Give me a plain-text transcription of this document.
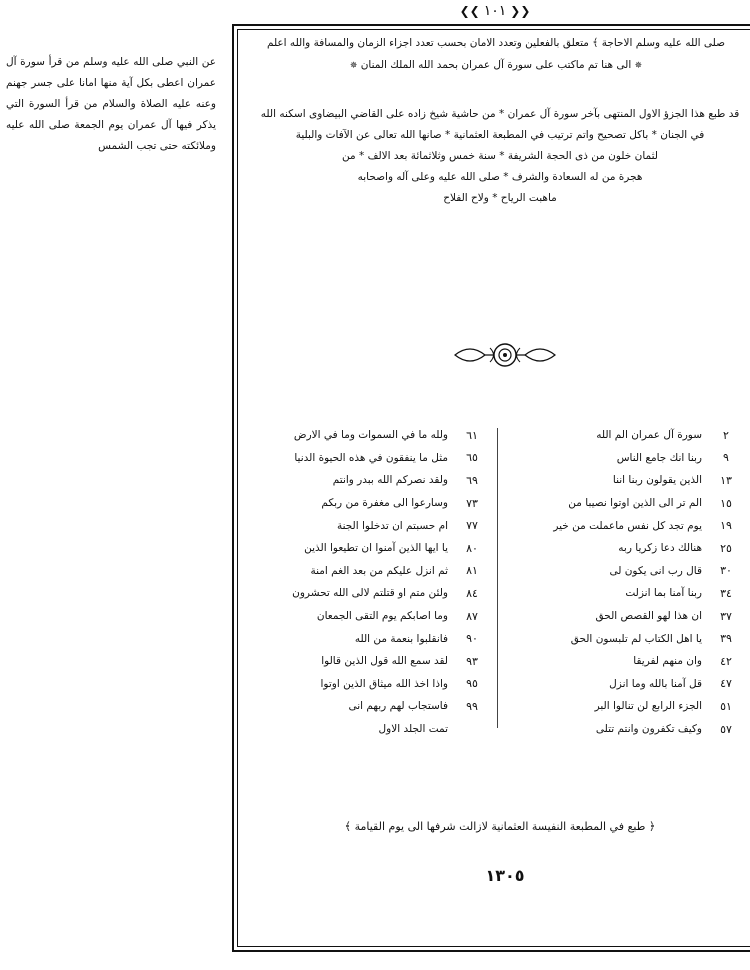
❮❮ ١٠١ ❯❯
عن النبي صلى الله عليه وسلم من قرأ سورة آل عمران اعطى بكل آية منها امانا على جسر جهنم وعنه عليه الصلاة والسلام من قرأ السورة التي يذكر فيها آل عمران يوم الجمعة صلى الله عليه وملائكته حتى تجب الشمس
صلى الله عليه وسلم الاحاجة ﴾ متعلق بالفعلين وتعدد الامان بحسب تعدد اجزاء الزمان والمسافة والله اعلم
✵ الى هنا تم ماكتب على سورة آل عمران بحمد الله الملك المنان ✵
قد طبع هذا الجزؤ الاول المنتهى بآخر سورة آل عمران * من حاشية شيخ زاده على القاضي البيضاوى اسكنه الله
في الجنان * باكل تصحيح واتم ترتيب في المطبعة العثمانية * صانها الله تعالى عن الآفات والبلية
لثمان خلون من ذى الحجة الشريفة * سنة خمس وثلاثمائة بعد الالف * من
هجرة من له السعادة والشرف * صلى الله عليه وعلى آله واصحابه
ماهبت الرياح * ولاح الفلاح
سورة آل عمران الم الله	٢
ربنا انك جامع الناس	٩
الذين يقولون ربنا اننا	١٣
الم تر الى الذين اوتوا نصيبا من	١٥
يوم تجد كل نفس ماعملت من خير	١٩
هنالك دعا زكريا ربه	٢٥
قال رب انى يكون لى	٣٠
ربنا آمنا بما انزلت	٣٤
ان هذا لهو القصص الحق	٣٧
يا اهل الكتاب لم تلبسون الحق	٣٩
وان منهم لفريقا	٤٢
قل آمنا بالله وما انزل	٤٧
الجزء الرابع لن تنالوا البر	٥١
وكيف تكفرون وانتم تتلى	٥٧
ولله ما في السموات وما في الارض	٦١
مثل ما ينفقون في هذه الحيوة الدنيا	٦٥
ولقد نصركم الله ببدر وانتم	٦٩
وسارعوا الى مغفرة من ربكم	٧٣
ام حسبتم ان تدخلوا الجنة	٧٧
يا ايها الذين آمنوا ان تطيعوا الذين	٨٠
ثم انزل عليكم من بعد الغم امنة	٨١
ولئن متم او قتلتم لالى الله تحشرون	٨٤
وما اصابكم يوم التقى الجمعان	٨٧
فانقلبوا بنعمة من الله	٩٠
لقد سمع الله قول الذين قالوا	٩٣
واذا اخذ الله ميثاق الذين اوتوا	٩٥
فاستجاب لهم ربهم انى	٩٩
تمت الجلد الاول
﴿ طبع في المطبعة النفيسة العثمانية لازالت شرفها الى يوم القيامة ﴾
١٣٠٥
